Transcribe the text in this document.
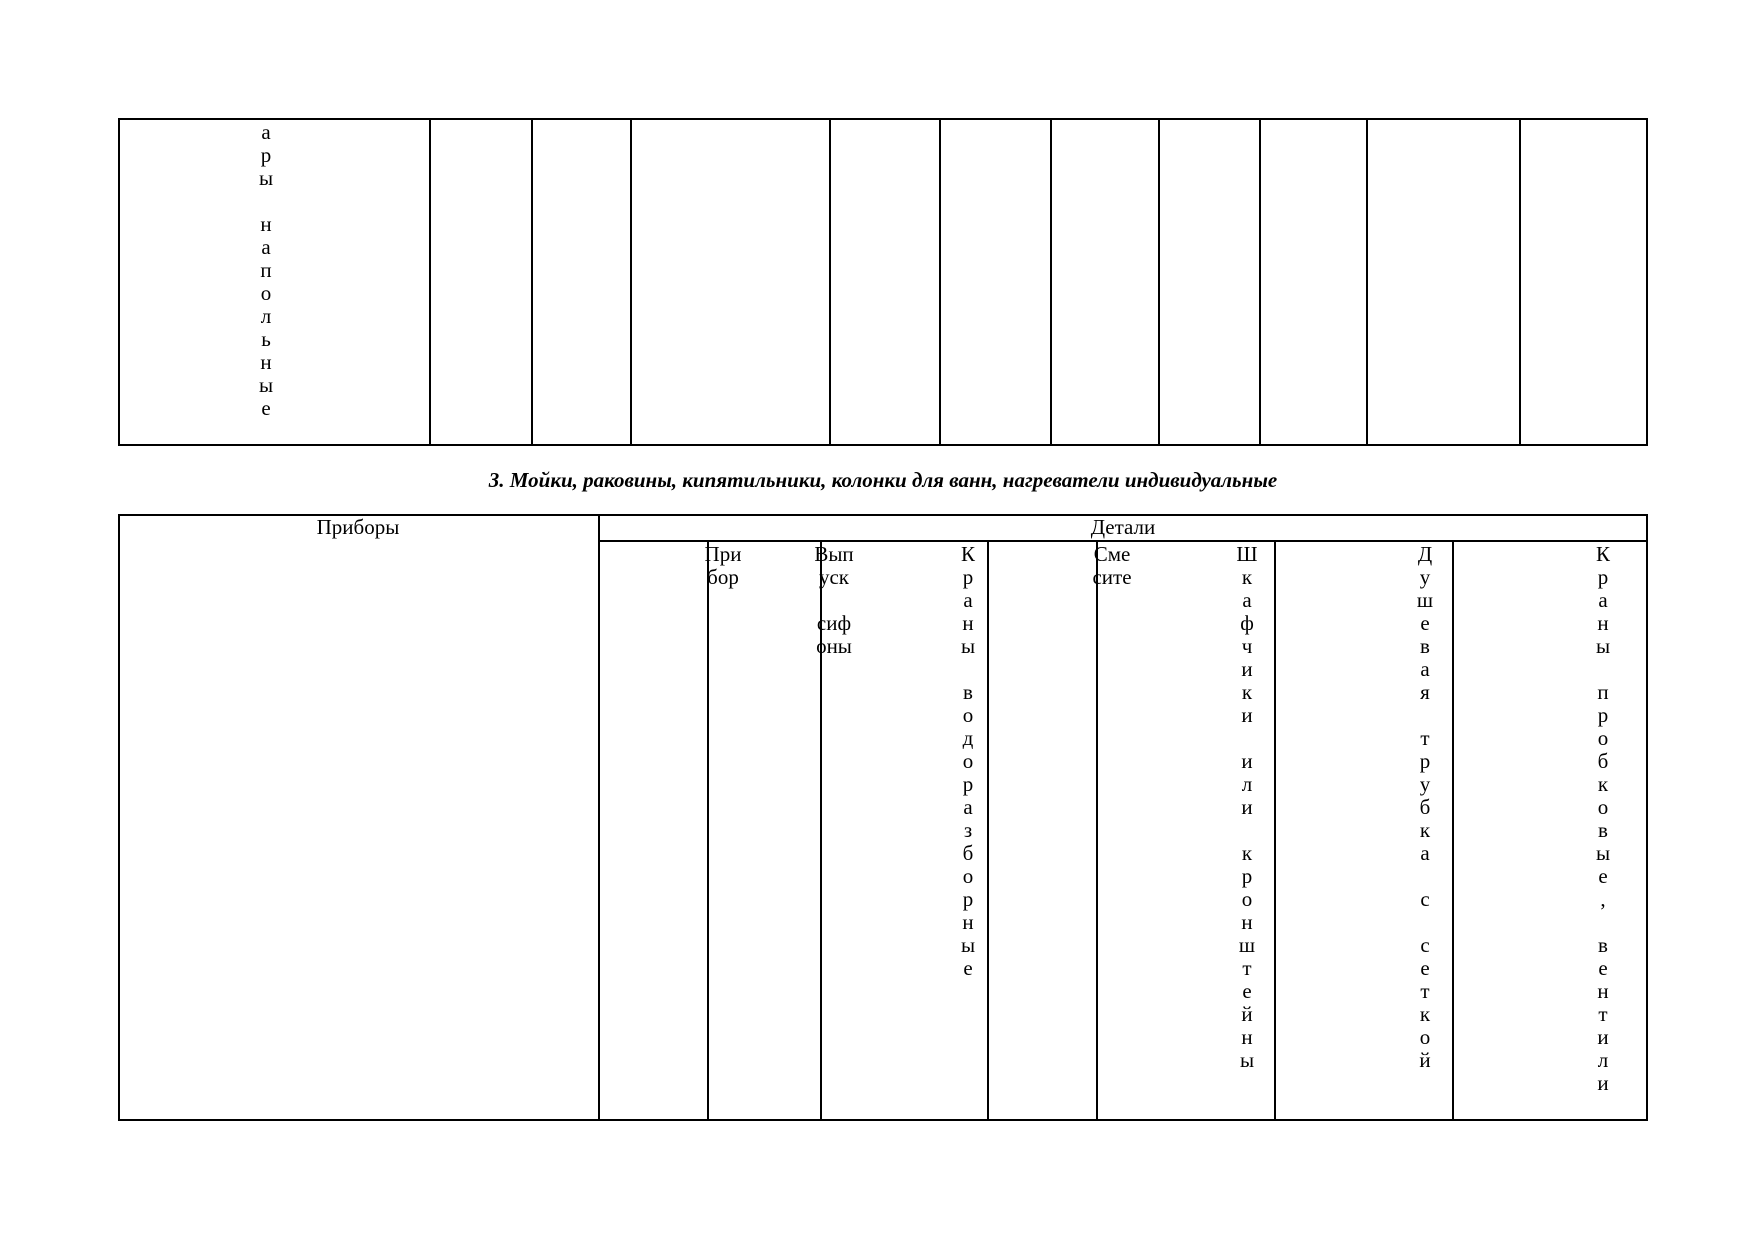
а
р
ы

н
а
п
о
л
ь
н
ы
е
3. Мойки, раковины, кипятильники, колонки для ванн, нагреватели индивидуальные
Приборы	Детали
При
бор
Вып
уск

сиф
оны
К
р
а
н
ы

в
о
д
о
р
а
з
б
о
р
н
ы
е
Сме
сите
Ш
к
а
ф
ч
и
к
и

и
л
и

к
р
о
н
ш
т
e
й
н
ы
Д
у
ш
е
в
а
я

т
р
у
б
к
а

с

с
е
т
к
о
й
К
р
а
н
ы

п
р
о
б
к
о
в
ы
е
,

в
е
н
т
и
л
и
